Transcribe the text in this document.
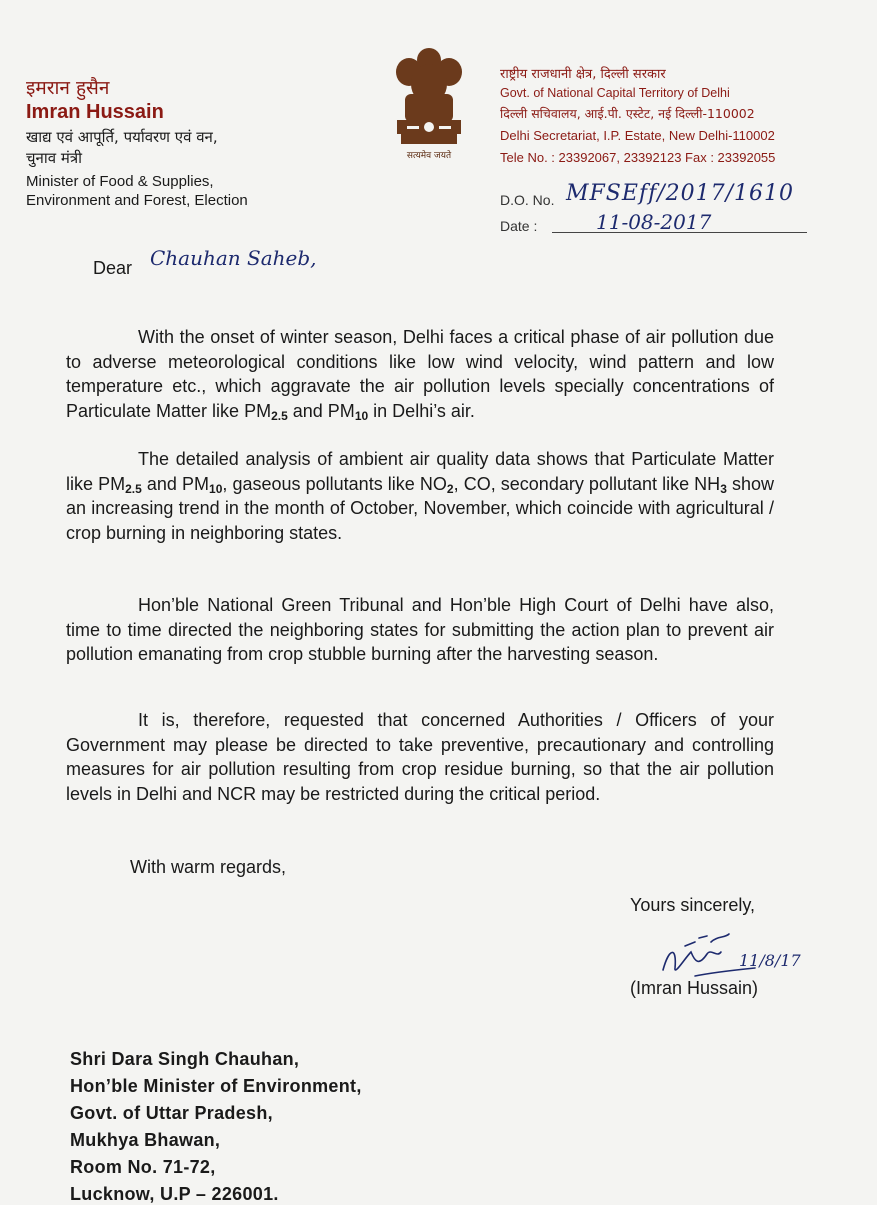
इमरान हुसैन
Imran Hussain
खाद्य एवं आपूर्ति, पर्यावरण एवं वन,
चुनाव मंत्री
Minister of Food & Supplies,
Environment and Forest, Election
सत्यमेव जयते
राष्ट्रीय राजधानी क्षेत्र, दिल्ली सरकार
Govt. of National Capital Territory of Delhi
दिल्ली सचिवालय, आई.पी. एस्टेट, नई दिल्ली-110002
Delhi Secretariat, I.P. Estate, New Delhi-110002
Tele No. : 23392067, 23392123 Fax : 23392055
D.O. No. MFSEff/2017/1610
Date :	11-08-2017
Dear Chauhan Saheb,
With the onset of winter season, Delhi faces a critical phase of air pollution due to adverse meteorological conditions like low wind velocity, wind pattern and low temperature etc., which aggravate the air pollution levels specially concentrations of Particulate Matter like $PM_{2.5}$ and $PM_{10}$ in Delhi’s air.
The detailed analysis of ambient air quality data shows that Particulate Matter like $PM_{2.5}$ and $PM_{10}$, gaseous pollutants like $NO_2$, CO, secondary pollutant like $NH_3$ show an increasing trend in the month of October, November, which coincide with agricultural / crop burning in neighboring states.
Hon’ble National Green Tribunal and Hon’ble High Court of Delhi have also, time to time directed the neighboring states for submitting the action plan to prevent air pollution emanating from crop stubble burning after the harvesting season.
It is, therefore, requested that concerned Authorities / Officers of your Government may please be directed to take preventive, precautionary and controlling measures for air pollution resulting from crop residue burning, so that the air pollution levels in Delhi and NCR may be restricted during the critical period.
With warm regards,
Yours sincerely,
11/8/17
(Imran Hussain)
Shri Dara Singh Chauhan,
Hon’ble Minister of Environment,
Govt. of Uttar Pradesh,
Mukhya Bhawan,
Room No. 71-72,
Lucknow, U.P – 226001.
